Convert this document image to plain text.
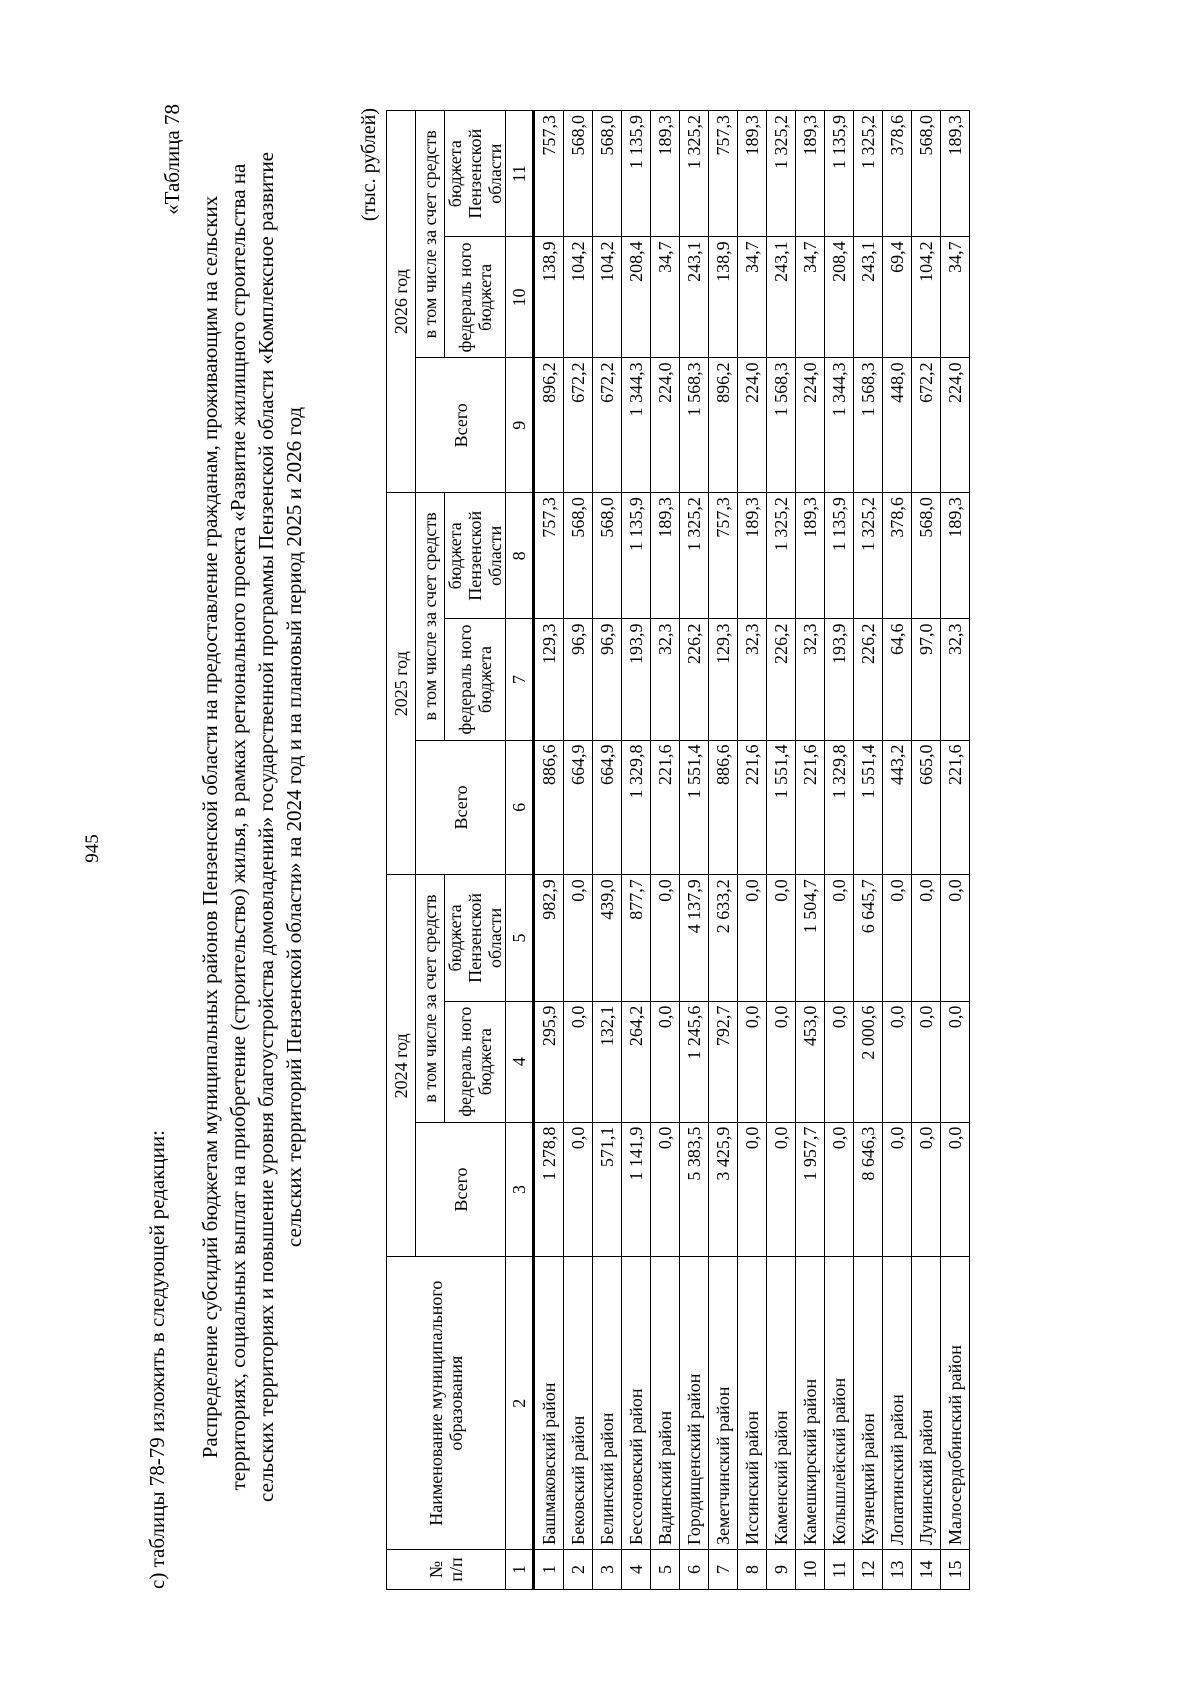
945
с) таблицы 78-79 изложить в следующей редакции:
«Таблица 78
Распределение субсидий бюджетам муниципальных районов Пензенской области на предоставление гражданам, проживающим на сельских территориях, социальных выплат на приобретение (строительство) жилья, в рамках регионального проекта «Развитие жилищного строительства на сельских территориях и повышение уровня благоустройства домовладений» государственной программы Пензенской области «Комплексное развитие сельских территорий Пензенской области» на 2024 год и на плановый период 2025 и 2026 год
(тыс. рублей)
№ п/п	Наименование муниципального образования	2024 год			2025 год			2026 год		
		Всего	в том числе за счет средств		Всего	в том числе за счет средств		Всего	в том числе за счет средств	
			федераль ного бюджета	бюджета Пензенской области		федераль ного бюджета	бюджета Пензенской области		федераль ного бюджета	бюджета Пензенской области
1	2	3	4	5	6	7	8	9	10	11
1	Башмаковский район	1 278,8	295,9	982,9	886,6	129,3	757,3	896,2	138,9	757,3
2	Бековский район	0,0	0,0	0,0	664,9	96,9	568,0	672,2	104,2	568,0
3	Белинский район	571,1	132,1	439,0	664,9	96,9	568,0	672,2	104,2	568,0
4	Бессоновский район	1 141,9	264,2	877,7	1 329,8	193,9	1 135,9	1 344,3	208,4	1 135,9
5	Вадинский район	0,0	0,0	0,0	221,6	32,3	189,3	224,0	34,7	189,3
6	Городищенский район	5 383,5	1 245,6	4 137,9	1 551,4	226,2	1 325,2	1 568,3	243,1	1 325,2
7	Земетчинский район	3 425,9	792,7	2 633,2	886,6	129,3	757,3	896,2	138,9	757,3
8	Иссинский район	0,0	0,0	0,0	221,6	32,3	189,3	224,0	34,7	189,3
9	Каменский район	0,0	0,0	0,0	1 551,4	226,2	1 325,2	1 568,3	243,1	1 325,2
10	Камешкирский район	1 957,7	453,0	1 504,7	221,6	32,3	189,3	224,0	34,7	189,3
11	Колышлейский район	0,0	0,0	0,0	1 329,8	193,9	1 135,9	1 344,3	208,4	1 135,9
12	Кузнецкий район	8 646,3	2 000,6	6 645,7	1 551,4	226,2	1 325,2	1 568,3	243,1	1 325,2
13	Лопатинский район	0,0	0,0	0,0	443,2	64,6	378,6	448,0	69,4	378,6
14	Лунинский район	0,0	0,0	0,0	665,0	97,0	568,0	672,2	104,2	568,0
15	Малосердобинский район	0,0	0,0	0,0	221,6	32,3	189,3	224,0	34,7	189,3
